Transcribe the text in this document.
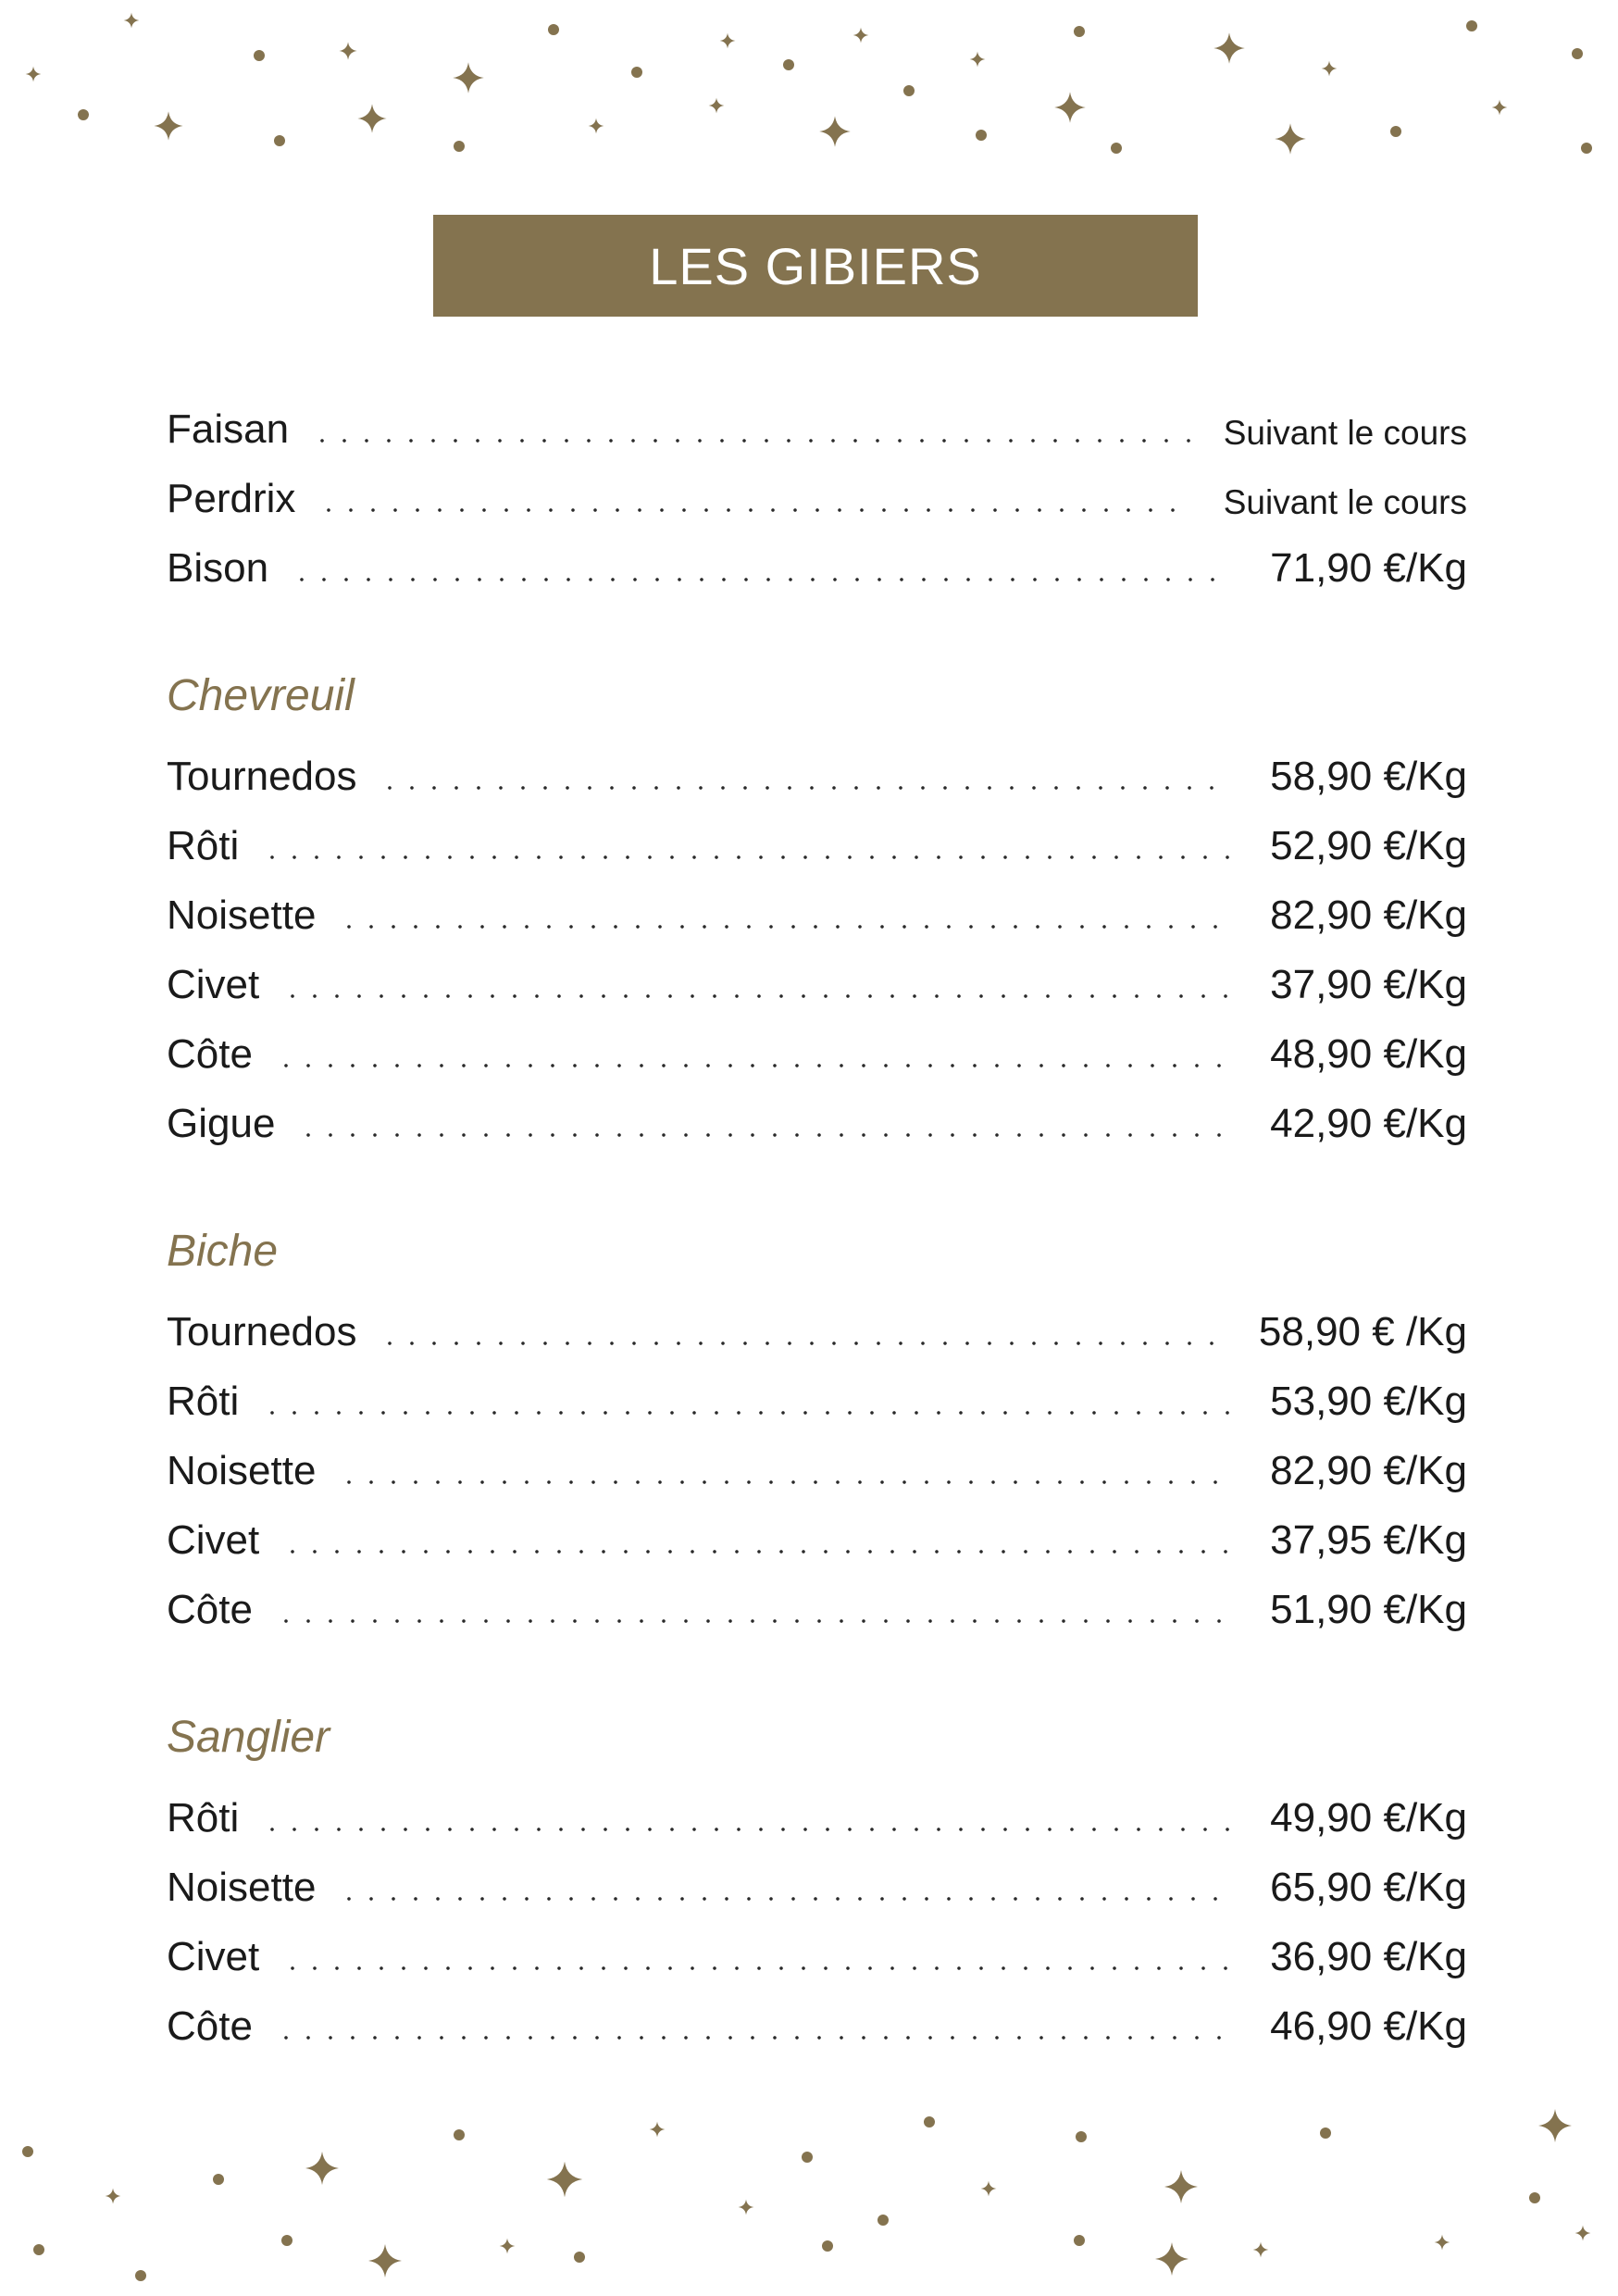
LES GIBIERS
Faisan	Suivant le cours
Perdrix	Suivant le cours
Bison	71,90 €/Kg
Chevreuil
Tournedos	58,90 €/Kg
Rôti	52,90 €/Kg
Noisette	82,90 €/Kg
Civet	37,90 €/Kg
Côte	48,90 €/Kg
Gigue	42,90 €/Kg
Biche
Tournedos	58,90 € /Kg
Rôti	53,90 €/Kg
Noisette	82,90 €/Kg
Civet	37,95 €/Kg
Côte	51,90 €/Kg
Sanglier
Rôti	49,90 €/Kg
Noisette	65,90 €/Kg
Civet	36,90 €/Kg
Côte	46,90 €/Kg
